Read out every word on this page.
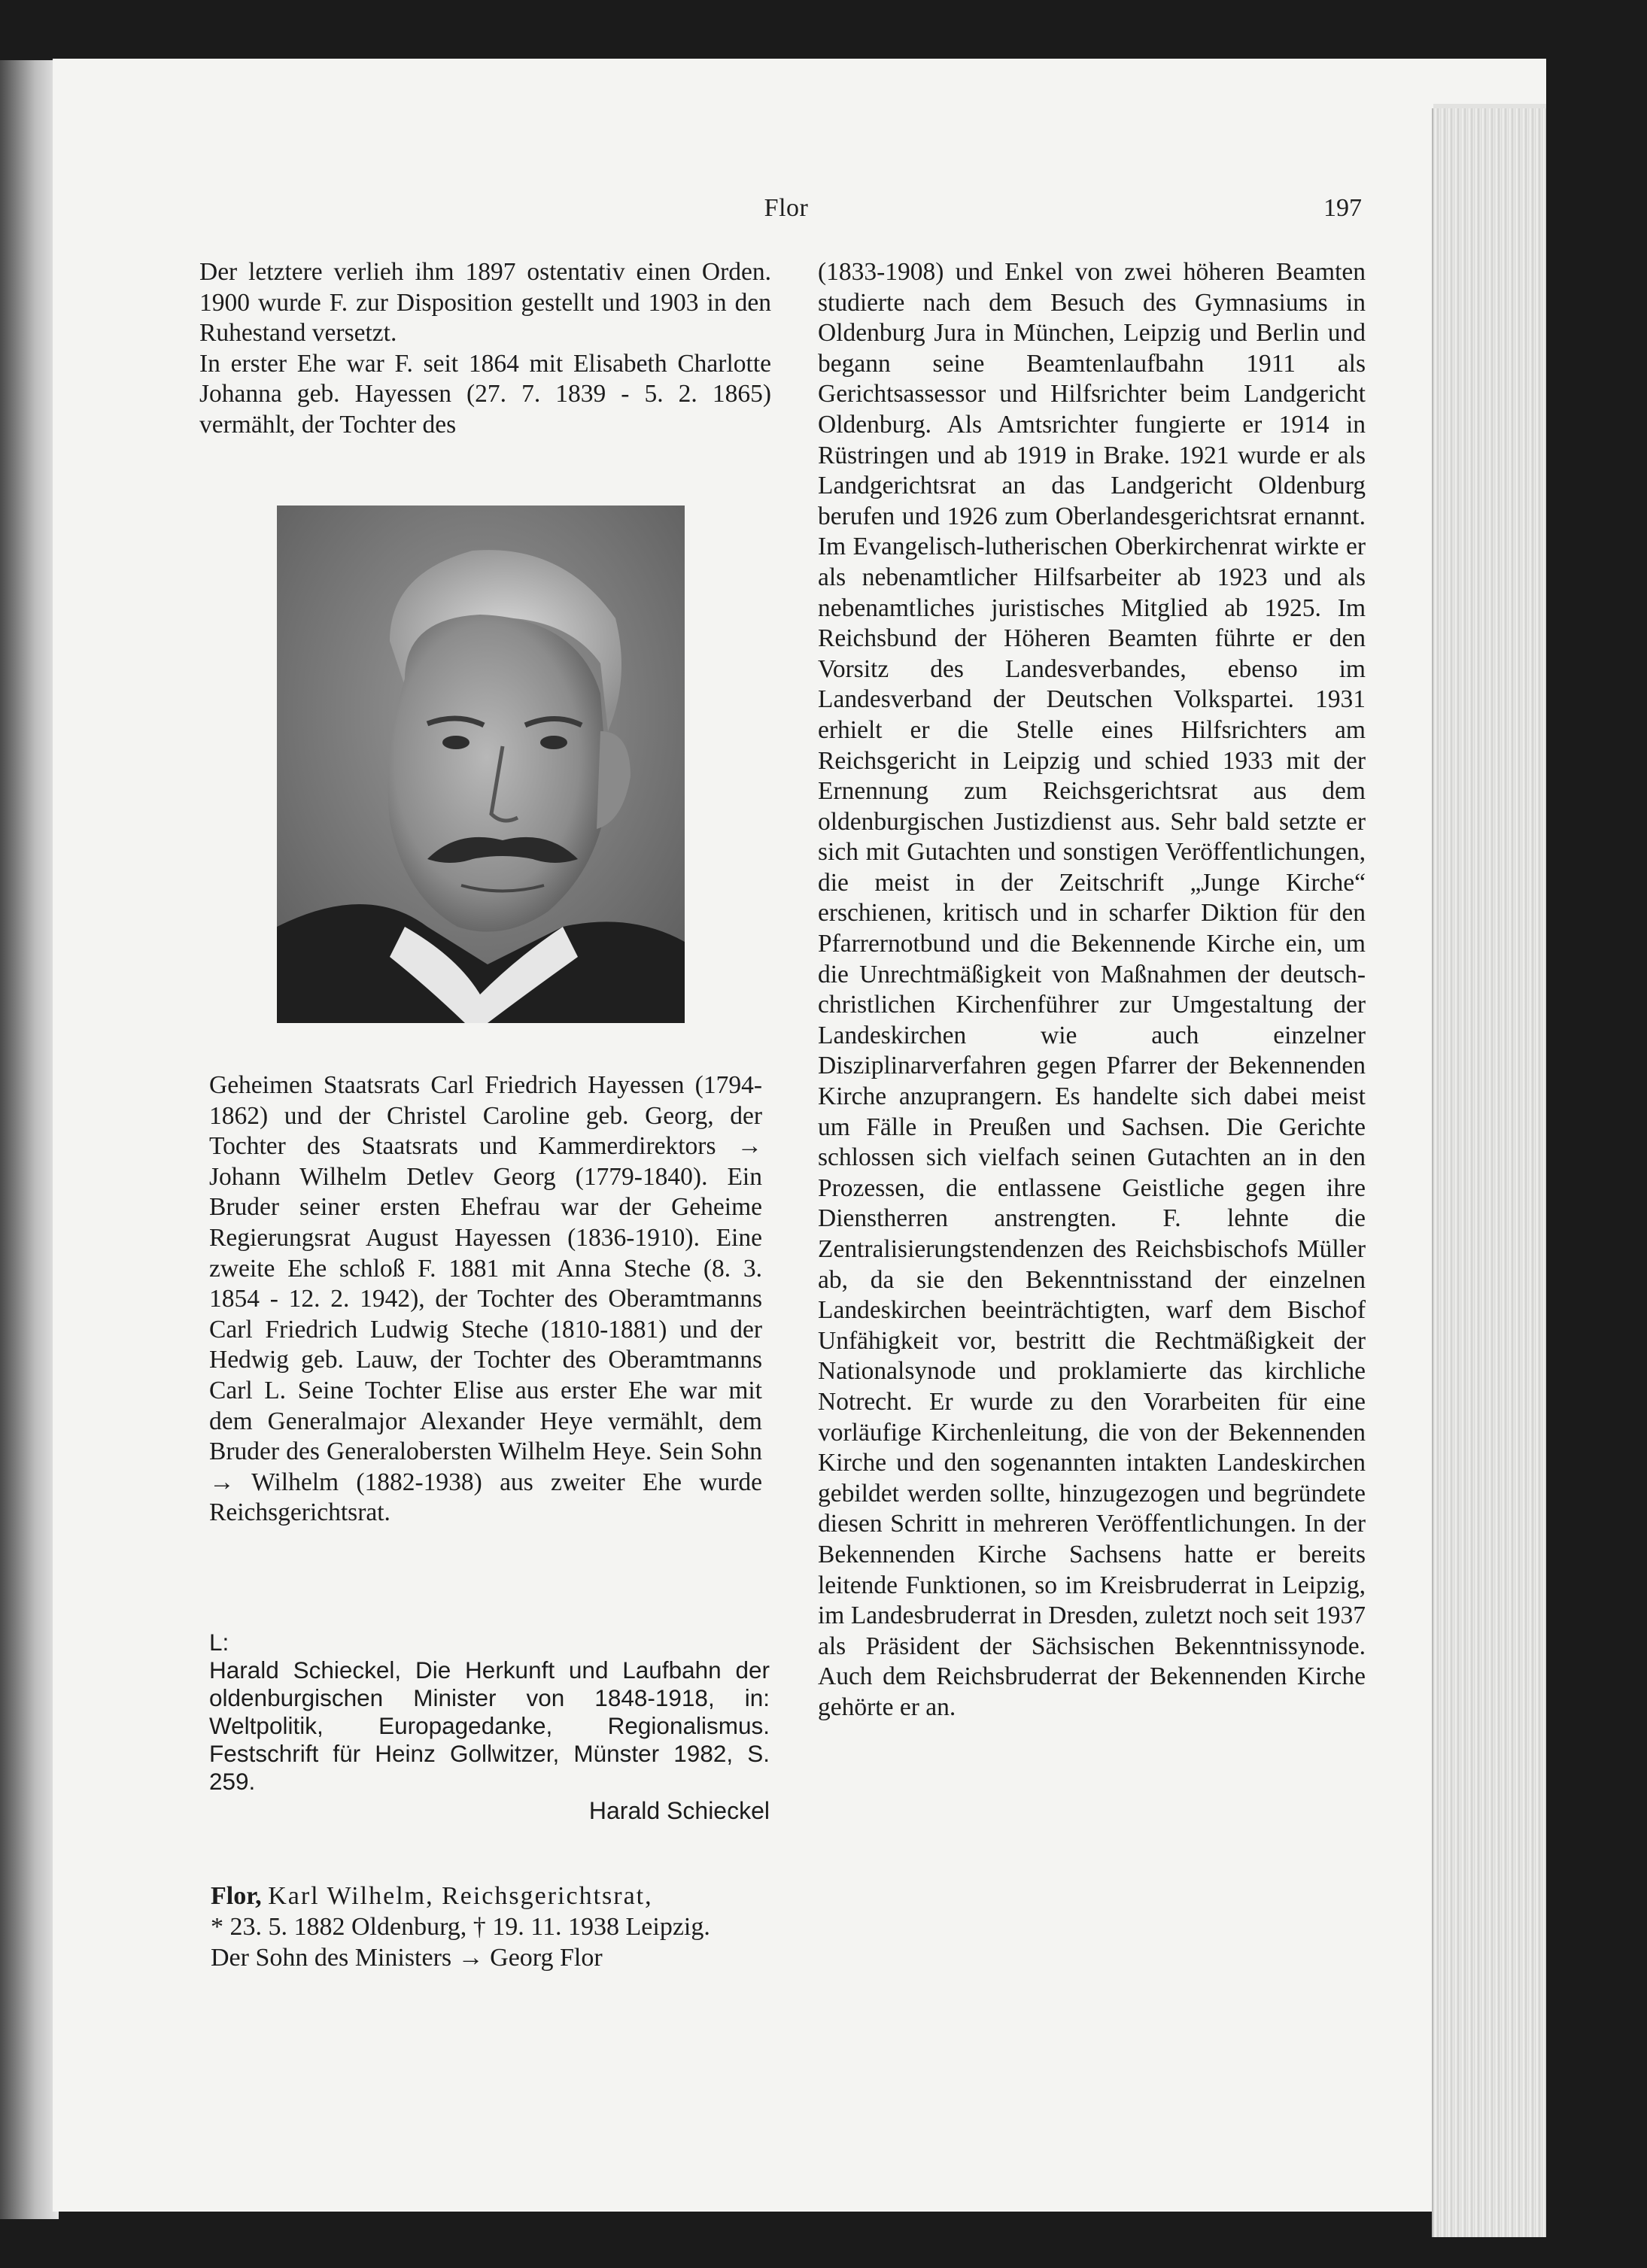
Flor	197

Der letztere verlieh ihm 1897 ostentativ einen Orden. 1900 wurde F. zur Disposition gestellt und 1903 in den Ruhestand versetzt.

In erster Ehe war F. seit 1864 mit Elisabeth Charlotte Johanna geb. Hayessen (27. 7. 1839 - 5. 2. 1865) vermählt, der Tochter des

Geheimen Staatsrats Carl Friedrich Hayessen (1794-1862) und der Christel Caroline geb. Georg, der Tochter des Staatsrats und Kammerdirektors → Johann Wilhelm Detlev Georg (1779-1840). Ein Bruder seiner ersten Ehefrau war der Geheime Regierungsrat August Hayessen (1836-1910). Eine zweite Ehe schloß F. 1881 mit Anna Steche (8. 3. 1854 - 12. 2. 1942), der Tochter des Oberamtmanns Carl Friedrich Ludwig Steche (1810-1881) und der Hedwig geb. Lauw, der Tochter des Oberamtmanns Carl L. Seine Tochter Elise aus erster Ehe war mit dem Generalmajor Alexander Heye vermählt, dem Bruder des Generalobersten Wilhelm Heye. Sein Sohn → Wilhelm (1882-1938) aus zweiter Ehe wurde Reichsgerichtsrat.

L:

Harald Schieckel, Die Herkunft und Laufbahn der oldenburgischen Minister von 1848-1918, in: Weltpolitik, Europagedanke, Regionalismus. Festschrift für Heinz Gollwitzer, Münster 1982, S. 259.

Harald Schieckel

Flor, Karl Wilhelm, Reichsgerichtsrat,

* 23. 5. 1882 Oldenburg, † 19. 11. 1938 Leipzig.

Der Sohn des Ministers → Georg Flor

(1833-1908) und Enkel von zwei höheren Beamten studierte nach dem Besuch des Gymnasiums in Oldenburg Jura in München, Leipzig und Berlin und begann seine Beamtenlaufbahn 1911 als Gerichtsassessor und Hilfsrichter beim Landgericht Oldenburg. Als Amtsrichter fungierte er 1914 in Rüstringen und ab 1919 in Brake. 1921 wurde er als Landgerichtsrat an das Landgericht Oldenburg berufen und 1926 zum Oberlandesgerichtsrat ernannt. Im Evangelisch-lutherischen Oberkirchenrat wirkte er als nebenamtlicher Hilfsarbeiter ab 1923 und als nebenamtliches juristisches Mitglied ab 1925. Im Reichsbund der Höheren Beamten führte er den Vorsitz des Landesverbandes, ebenso im Landesverband der Deutschen Volkspartei. 1931 erhielt er die Stelle eines Hilfsrichters am Reichsgericht in Leipzig und schied 1933 mit der Ernennung zum Reichsgerichtsrat aus dem oldenburgischen Justizdienst aus. Sehr bald setzte er sich mit Gutachten und sonstigen Veröffentlichungen, die meist in der Zeitschrift „Junge Kirche“ erschienen, kritisch und in scharfer Diktion für den Pfarrernotbund und die Bekennende Kirche ein, um die Unrechtmäßigkeit von Maßnahmen der deutsch-christlichen Kirchenführer zur Umgestaltung der Landeskirchen wie auch einzelner Disziplinarverfahren gegen Pfarrer der Bekennenden Kirche anzuprangern. Es handelte sich dabei meist um Fälle in Preußen und Sachsen. Die Gerichte schlossen sich vielfach seinen Gutachten an in den Prozessen, die entlassene Geistliche gegen ihre Dienstherren anstrengten. F. lehnte die Zentralisierungstendenzen des Reichsbischofs Müller ab, da sie den Bekenntnisstand der einzelnen Landeskirchen beeinträchtigten, warf dem Bischof Unfähigkeit vor, bestritt die Rechtmäßigkeit der Nationalsynode und proklamierte das kirchliche Notrecht. Er wurde zu den Vorarbeiten für eine vorläufige Kirchenleitung, die von der Bekennenden Kirche und den sogenannten intakten Landeskirchen gebildet werden sollte, hinzugezogen und begründete diesen Schritt in mehreren Veröffentlichungen. In der Bekennenden Kirche Sachsens hatte er bereits leitende Funktionen, so im Kreisbruderrat in Leipzig, im Landesbruderrat in Dresden, zuletzt noch seit 1937 als Präsident der Sächsischen Bekenntnissynode. Auch dem Reichsbruderrat der Bekennenden Kirche gehörte er an.
